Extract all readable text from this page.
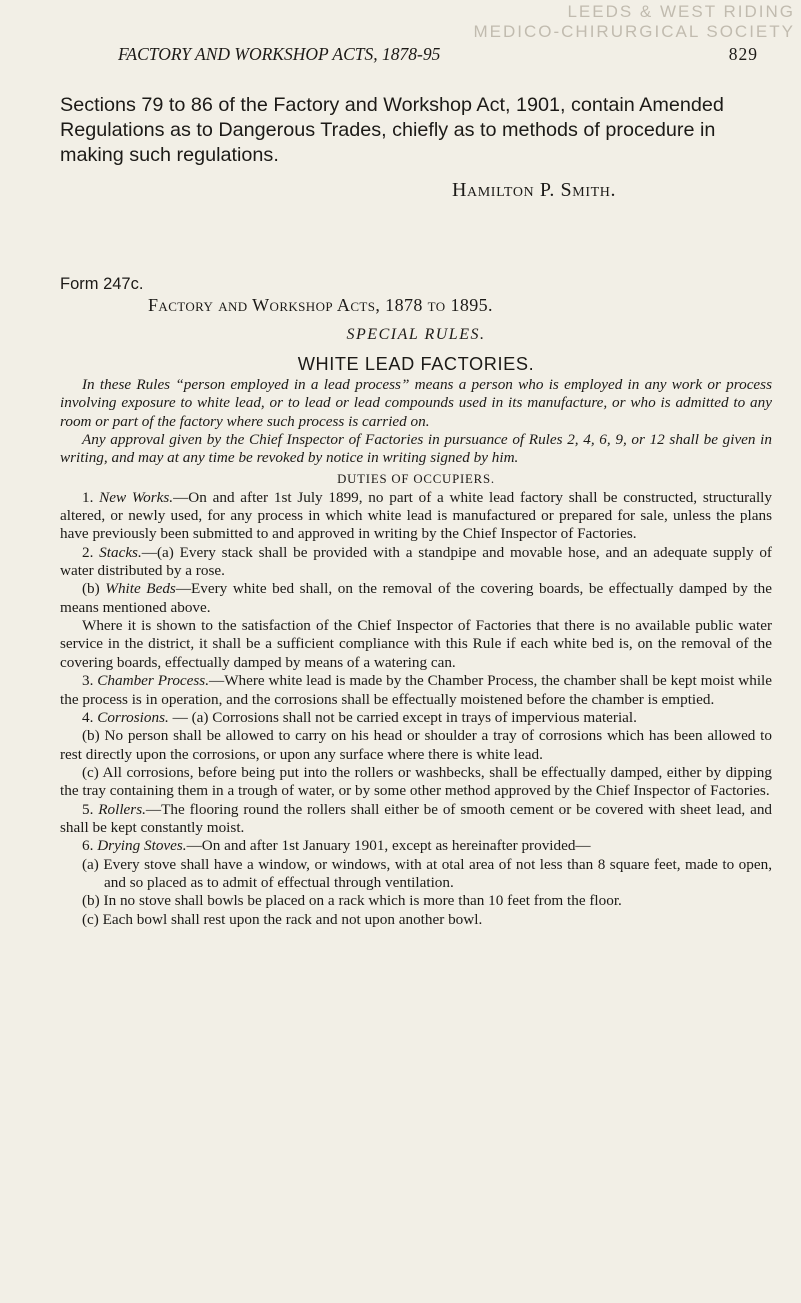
LEEDS & WEST RIDING
MEDICO-CHIRURGICAL SOCIETY
FACTORY AND WORKSHOP ACTS, 1878-95	829

Sections 79 to 86 of the Factory and Workshop Act, 1901, contain Amended Regulations as to Dangerous Trades, chiefly as to methods of procedure in making such regulations.

Hamilton P. Smith.

Form 247c.

Factory and Workshop Acts, 1878 to 1895.

SPECIAL RULES.

WHITE LEAD FACTORIES.

In these Rules “person employed in a lead process” means a person who is employed in any work or process involving exposure to white lead, or to lead or lead compounds used in its manufacture, or who is admitted to any room or part of the factory where such process is carried on.

Any approval given by the Chief Inspector of Factories in pursuance of Rules 2, 4, 6, 9, or 12 shall be given in writing, and may at any time be revoked by notice in writing signed by him.

DUTIES OF OCCUPIERS.

1. New Works.—On and after 1st July 1899, no part of a white lead factory shall be constructed, structurally altered, or newly used, for any process in which white lead is manufactured or prepared for sale, unless the plans have previously been submitted to and approved in writing by the Chief Inspector of Factories.

2. Stacks.—(a) Every stack shall be provided with a standpipe and movable hose, and an adequate supply of water distributed by a rose.

(b) White Beds—Every white bed shall, on the removal of the covering boards, be effectually damped by the means mentioned above.

Where it is shown to the satisfaction of the Chief Inspector of Factories that there is no available public water service in the district, it shall be a sufficient compliance with this Rule if each white bed is, on the removal of the covering boards, effectually damped by means of a watering can.

3. Chamber Process.—Where white lead is made by the Chamber Process, the chamber shall be kept moist while the process is in operation, and the corrosions shall be effectually moistened before the chamber is emptied.

4. Corrosions. — (a) Corrosions shall not be carried except in trays of impervious material.

(b) No person shall be allowed to carry on his head or shoulder a tray of corrosions which has been allowed to rest directly upon the corrosions, or upon any surface where there is white lead.

(c) All corrosions, before being put into the rollers or washbecks, shall be effectually damped, either by dipping the tray containing them in a trough of water, or by some other method approved by the Chief Inspector of Factories.

5. Rollers.—The flooring round the rollers shall either be of smooth cement or be covered with sheet lead, and shall be kept constantly moist.

6. Drying Stoves.—On and after 1st January 1901, except as hereinafter provided—

(a) Every stove shall have a window, or windows, with at otal area of not less than 8 square feet, made to open, and so placed as to admit of effectual through ventilation.

(b) In no stove shall bowls be placed on a rack which is more than 10 feet from the floor.

(c) Each bowl shall rest upon the rack and not upon another bowl.
